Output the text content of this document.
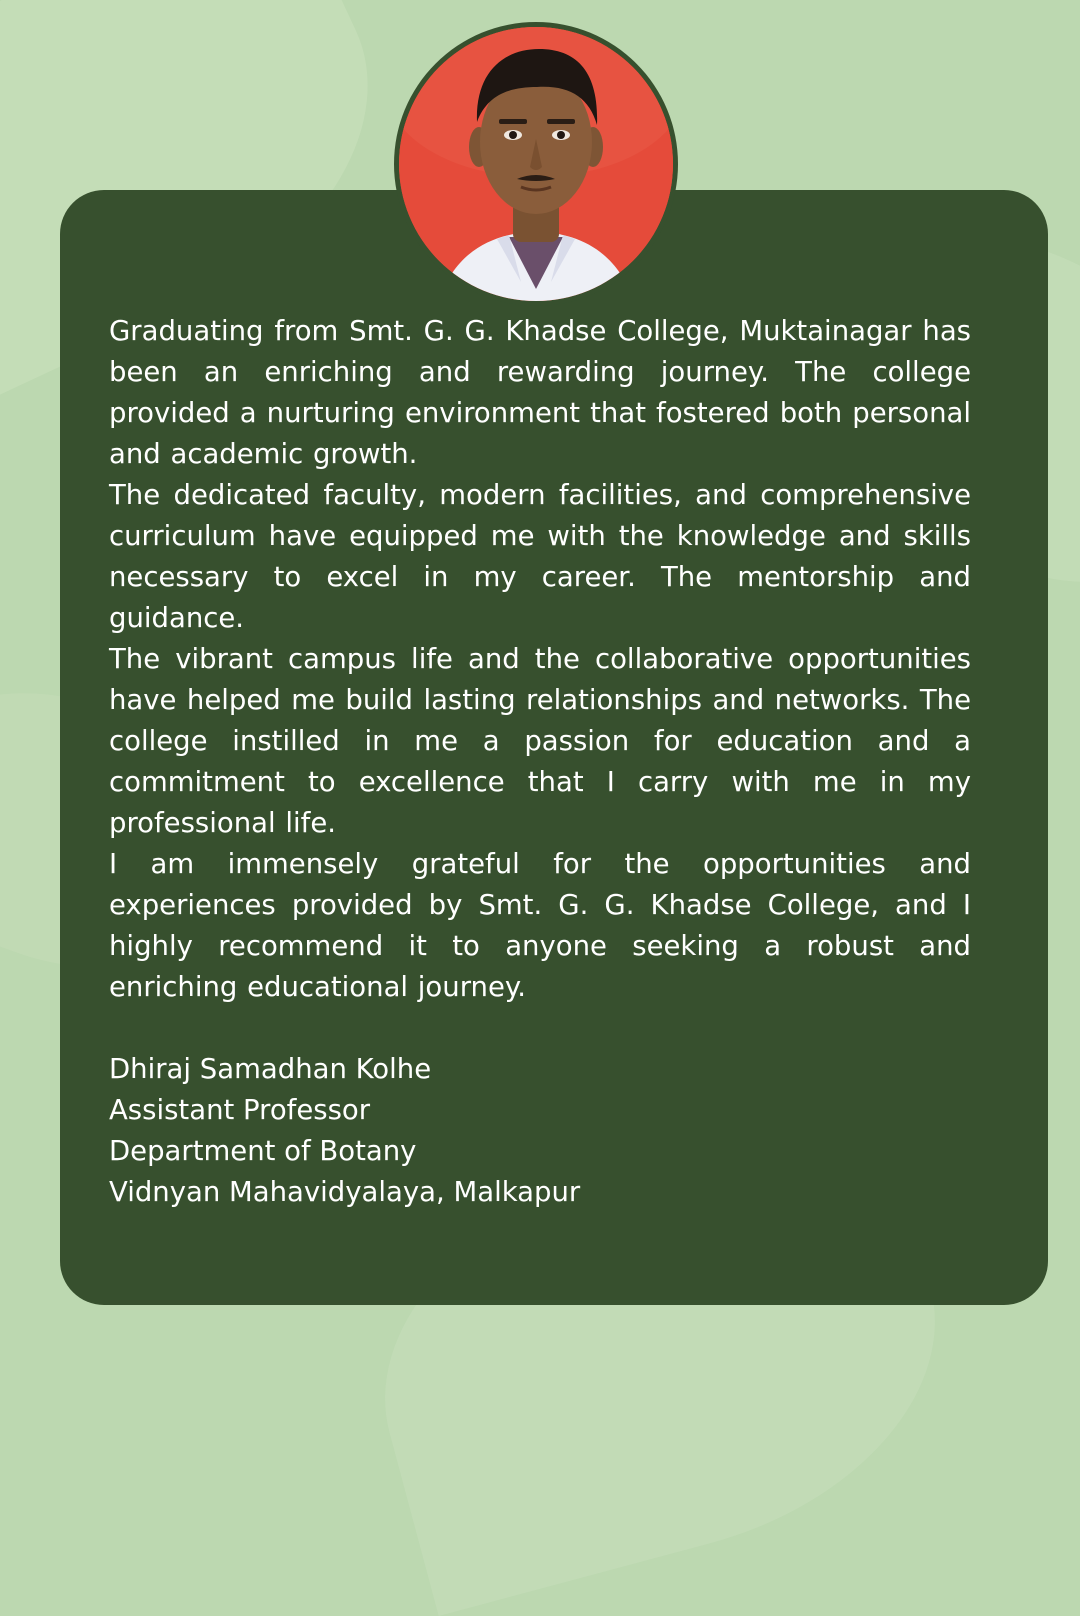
Graduating from Smt. G. G. Khadse College, Muktainagar has been an enriching and rewarding journey. The college provided a nurturing environment that fostered both personal and academic growth.

The dedicated faculty, modern facilities, and comprehensive curriculum have equipped me with the knowledge and skills necessary to excel in my career. The mentorship and guidance.

The vibrant campus life and the collaborative opportunities have helped me build lasting relationships and networks. The college instilled in me a passion for education and a commitment to excellence that I carry with me in my professional life.

I am immensely grateful for the opportunities and experiences provided by Smt. G. G. Khadse College, and I highly recommend it to anyone seeking a robust and enriching educational journey.

Dhiraj Samadhan Kolhe
Assistant Professor
Department of Botany
Vidnyan Mahavidyalaya, Malkapur
